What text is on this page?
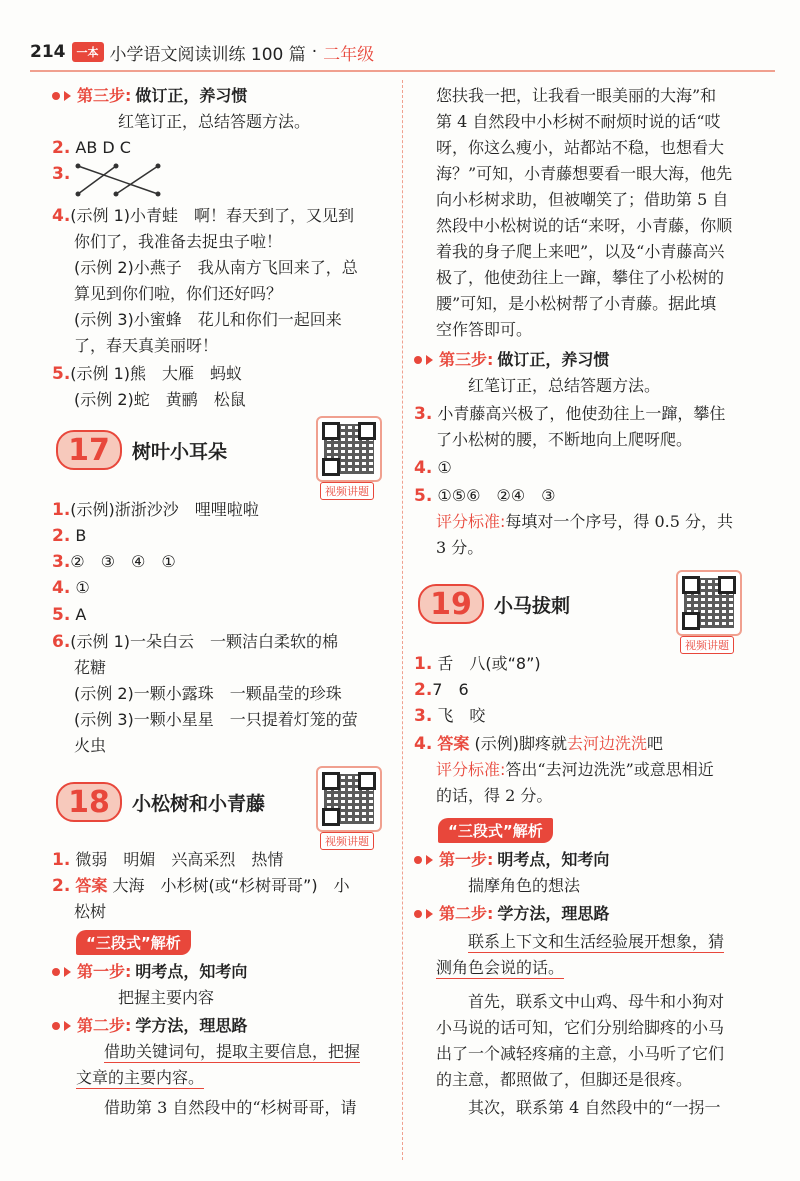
214	一本 小学语文阅读训练 100 篇 · 二年级
第三步: 做订正，养习惯
红笔订正，总结答题方法。
2. AB D C
3.
4.(示例 1)小青蛙　啊！春天到了，又见到
你们了，我准备去捉虫子啦！
(示例 2)小燕子　我从南方飞回来了，总
算见到你们啦，你们还好吗？
(示例 3)小蜜蜂　花儿和你们一起回来
了，春天真美丽呀！
5.(示例 1)熊　大雁　蚂蚁
(示例 2)蛇　黄鹂　松鼠
17	树叶小耳朵
视频讲题
1.(示例)浙浙沙沙　哩哩啦啦
2. B
3.②　③　④　①
4. ①
5. A
6.(示例 1)一朵白云　一颗洁白柔软的棉
花糖
(示例 2)一颗小露珠　一颗晶莹的珍珠
(示例 3)一颗小星星　一只提着灯笼的萤
火虫
18	小松树和小青藤
视频讲题
1. 微弱　明媚　兴高采烈　热情
2. 答案 大海　小杉树(或“杉树哥哥”)　小
松树
“三段式”解析
第一步: 明考点，知考向
把握主要内容
第二步: 学方法，理思路
借助关键词句，提取主要信息，把握
文章的主要内容。
借助第 3 自然段中的“杉树哥哥，请
您扶我一把，让我看一眼美丽的大海”和
第 4 自然段中小杉树不耐烦时说的话“哎
呀，你这么瘦小，站都站不稳，也想看大
海？”可知，小青藤想要看一眼大海，他先
向小杉树求助，但被嘲笑了；借助第 5 自
然段中小松树说的话“来呀，小青藤，你顺
着我的身子爬上来吧”，以及“小青藤高兴
极了，他使劲往上一蹿，攀住了小松树的
腰”可知，是小松树帮了小青藤。据此填
空作答即可。
第三步: 做订正，养习惯
红笔订正，总结答题方法。
3. 小青藤高兴极了，他使劲往上一蹿，攀住
了小松树的腰，不断地向上爬呀爬。
4. ①
5. ①⑤⑥　②④　③
评分标准:每填对一个序号，得 0.5 分，共
3 分。
19	小马拔刺
视频讲题
1. 舌　八(或“8”)
2.7　6
3. 飞　咬
4. 答案 (示例)脚疼就去河边洗洗吧
评分标准:答出“去河边洗洗”或意思相近
的话，得 2 分。
“三段式”解析
第一步: 明考点，知考向
揣摩角色的想法
第二步: 学方法，理思路
联系上下文和生活经验展开想象，猜
测角色会说的话。
首先，联系文中山鸡、母牛和小狗对
小马说的话可知，它们分别给脚疼的小马
出了一个减轻疼痛的主意，小马听了它们
的主意，都照做了，但脚还是很疼。
其次，联系第 4 自然段中的“一拐一
